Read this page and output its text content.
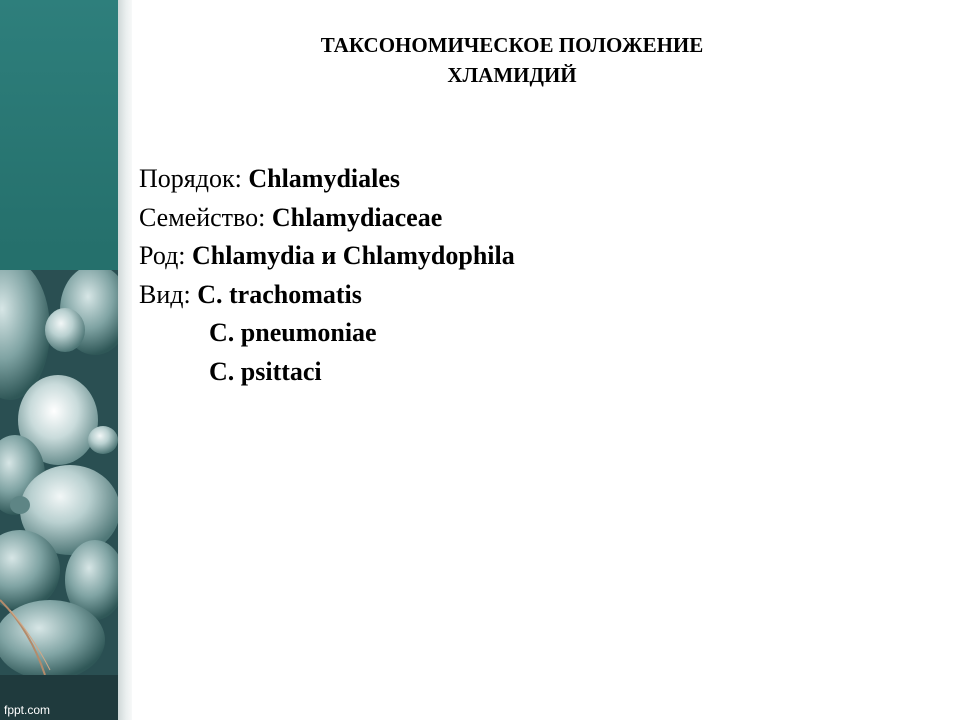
fppt.com
ТАКСОНОМИЧЕСКОЕ ПОЛОЖЕНИЕ
ХЛАМИДИЙ
Порядок: Chlamydiales
Семейство: Chlamydiaceae
Род: Chlamydia и Chlamydophila
Вид: C. trachomatis
C. pneumoniae
C. psittaci
